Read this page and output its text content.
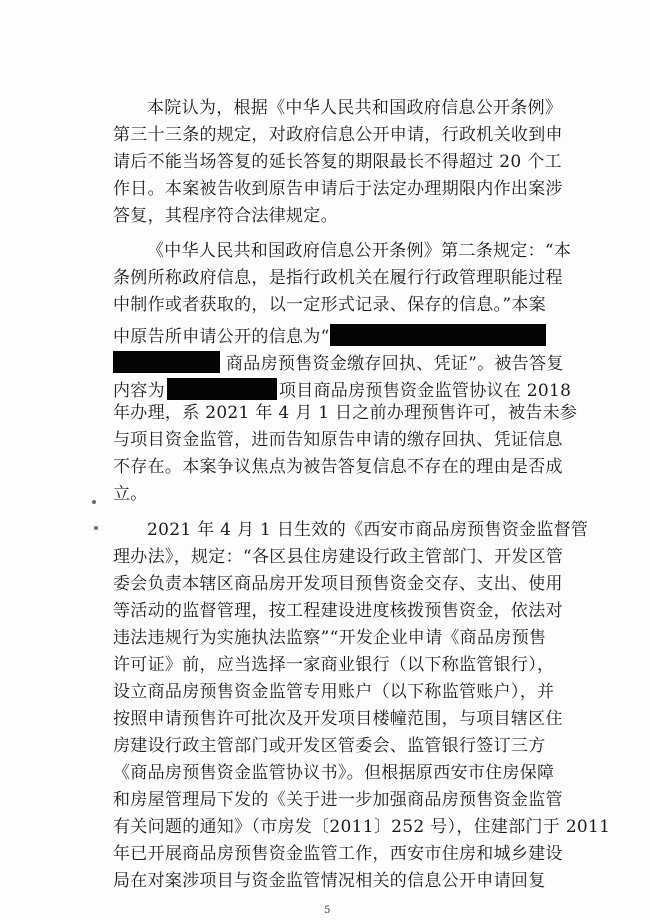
本院认为，根据《中华人民共和国政府信息公开条例》
第三十三条的规定，对政府信息公开申请，行政机关收到申
请后不能当场答复的延长答复的期限最长不得超过 20 个工
作日。本案被告收到原告申请后于法定办理期限内作出案涉
答复，其程序符合法律规定。
《中华人民共和国政府信息公开条例》第二条规定：“本
条例所称政府信息，是指行政机关在履行行政管理职能过程
中制作或者获取的，以一定形式记录、保存的信息。”本案
中原告所申请公开的信息为“
商品房预售资金缴存回执、凭证”。被告答复
内容为	项目商品房预售资金监管协议在 2018
年办理，系 2021 年 4 月 1 日之前办理预售许可，被告未参
与项目资金监管，进而告知原告申请的缴存回执、凭证信息
不存在。本案争议焦点为被告答复信息不存在的理由是否成
立。
2021 年 4 月 1 日生效的《西安市商品房预售资金监督管
理办法》，规定：“各区县住房建设行政主管部门、开发区管
委会负责本辖区商品房开发项目预售资金交存、支出、使用
等活动的监督管理，按工程建设进度核拨预售资金，依法对
违法违规行为实施执法监察”“开发企业申请《商品房预售
许可证》前，应当选择一家商业银行（以下称监管银行），
设立商品房预售资金监管专用账户（以下称监管账户），并
按照申请预售许可批次及开发项目楼幢范围，与项目辖区住
房建设行政主管部门或开发区管委会、监管银行签订三方
《商品房预售资金监管协议书》。但根据原西安市住房保障
和房屋管理局下发的《关于进一步加强商品房预售资金监管
有关问题的通知》（市房发〔2011〕252 号），住建部门于 2011
年已开展商品房预售资金监管工作，西安市住房和城乡建设
局在对案涉项目与资金监管情况相关的信息公开申请回复
5
